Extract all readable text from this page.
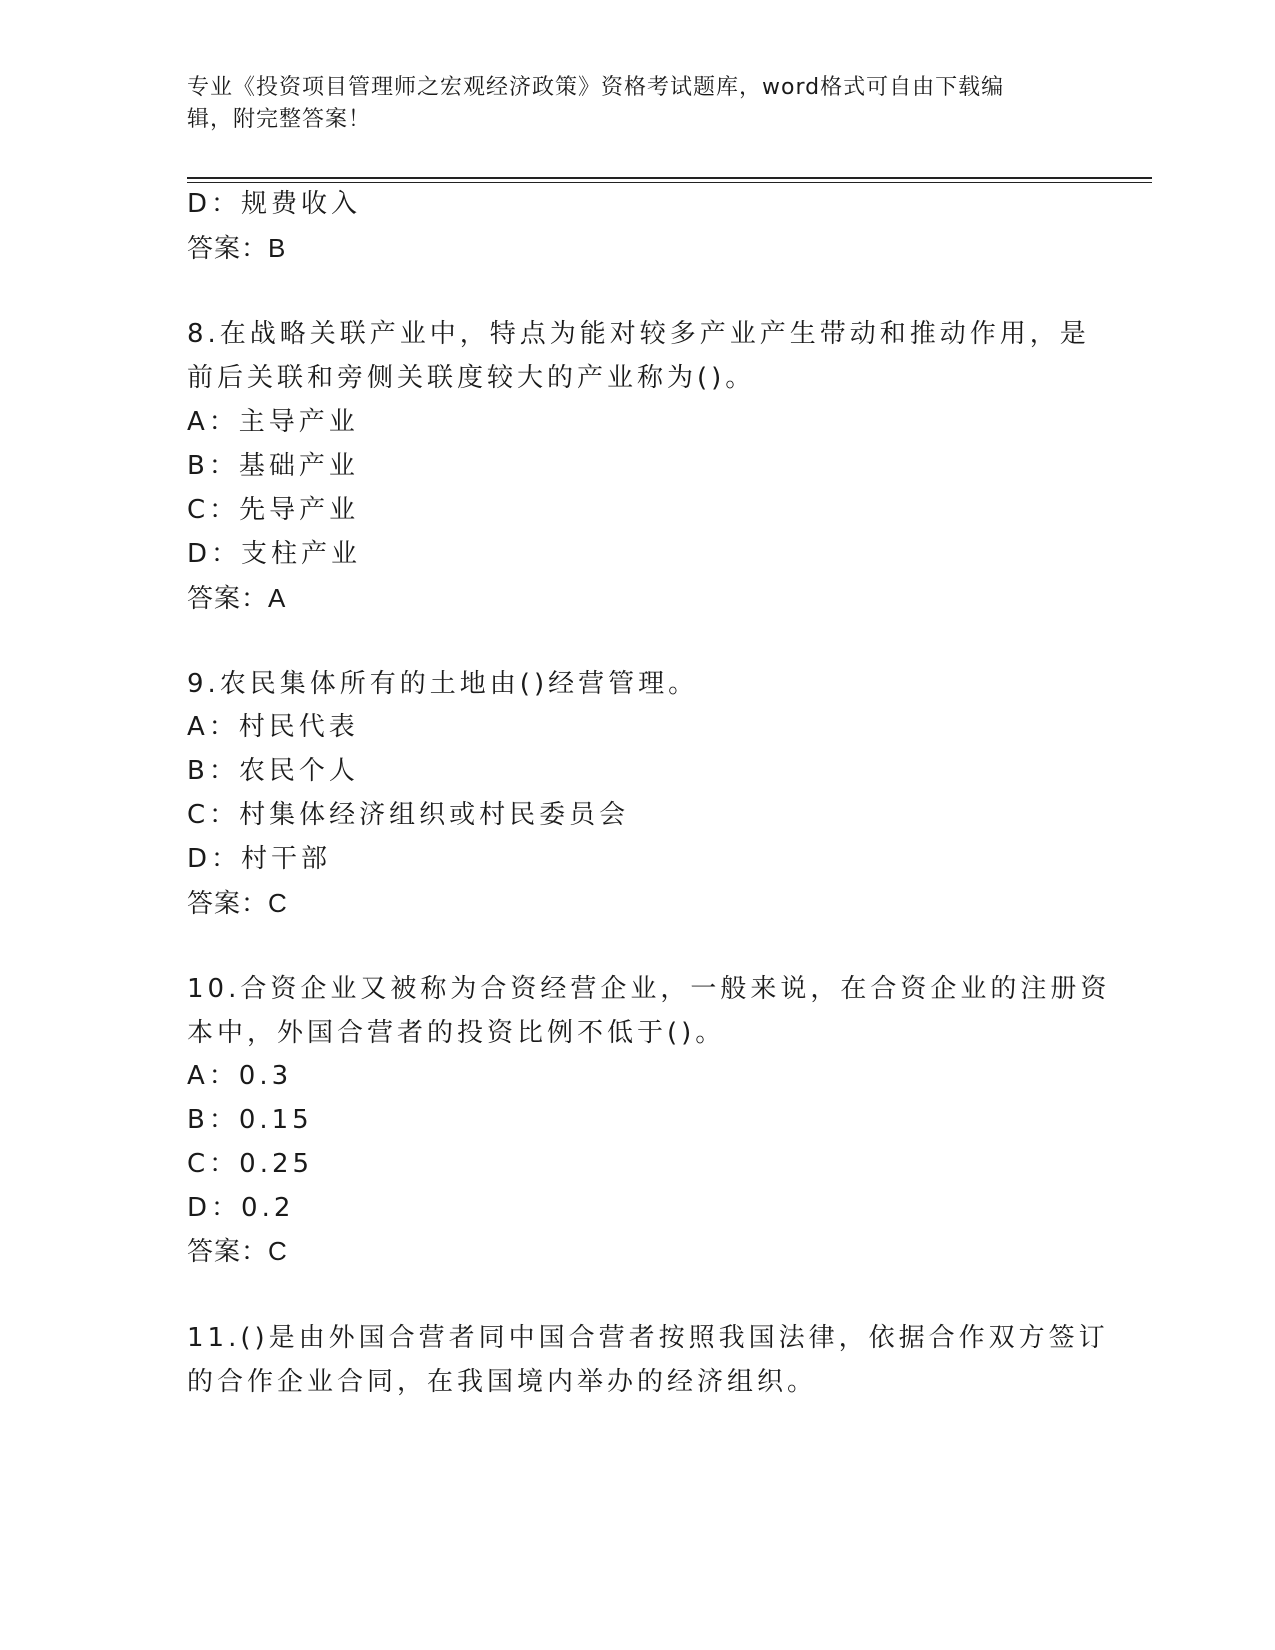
专业《投资项目管理师之宏观经济政策》资格考试题库，word格式可自由下载编
辑，附完整答案！
D：规费收入
答案：B
8.在战略关联产业中，特点为能对较多产业产生带动和推动作用，是
前后关联和旁侧关联度较大的产业称为()。
A：主导产业
B：基础产业
C：先导产业
D：支柱产业
答案：A
9.农民集体所有的土地由()经营管理。
A：村民代表
B：农民个人
C：村集体经济组织或村民委员会
D：村干部
答案：C
10.合资企业又被称为合资经营企业，一般来说，在合资企业的注册资
本中，外国合营者的投资比例不低于()。
A：0.3
B：0.15
C：0.25
D：0.2
答案：C
11.()是由外国合营者同中国合营者按照我国法律，依据合作双方签订
的合作企业合同，在我国境内举办的经济组织。
